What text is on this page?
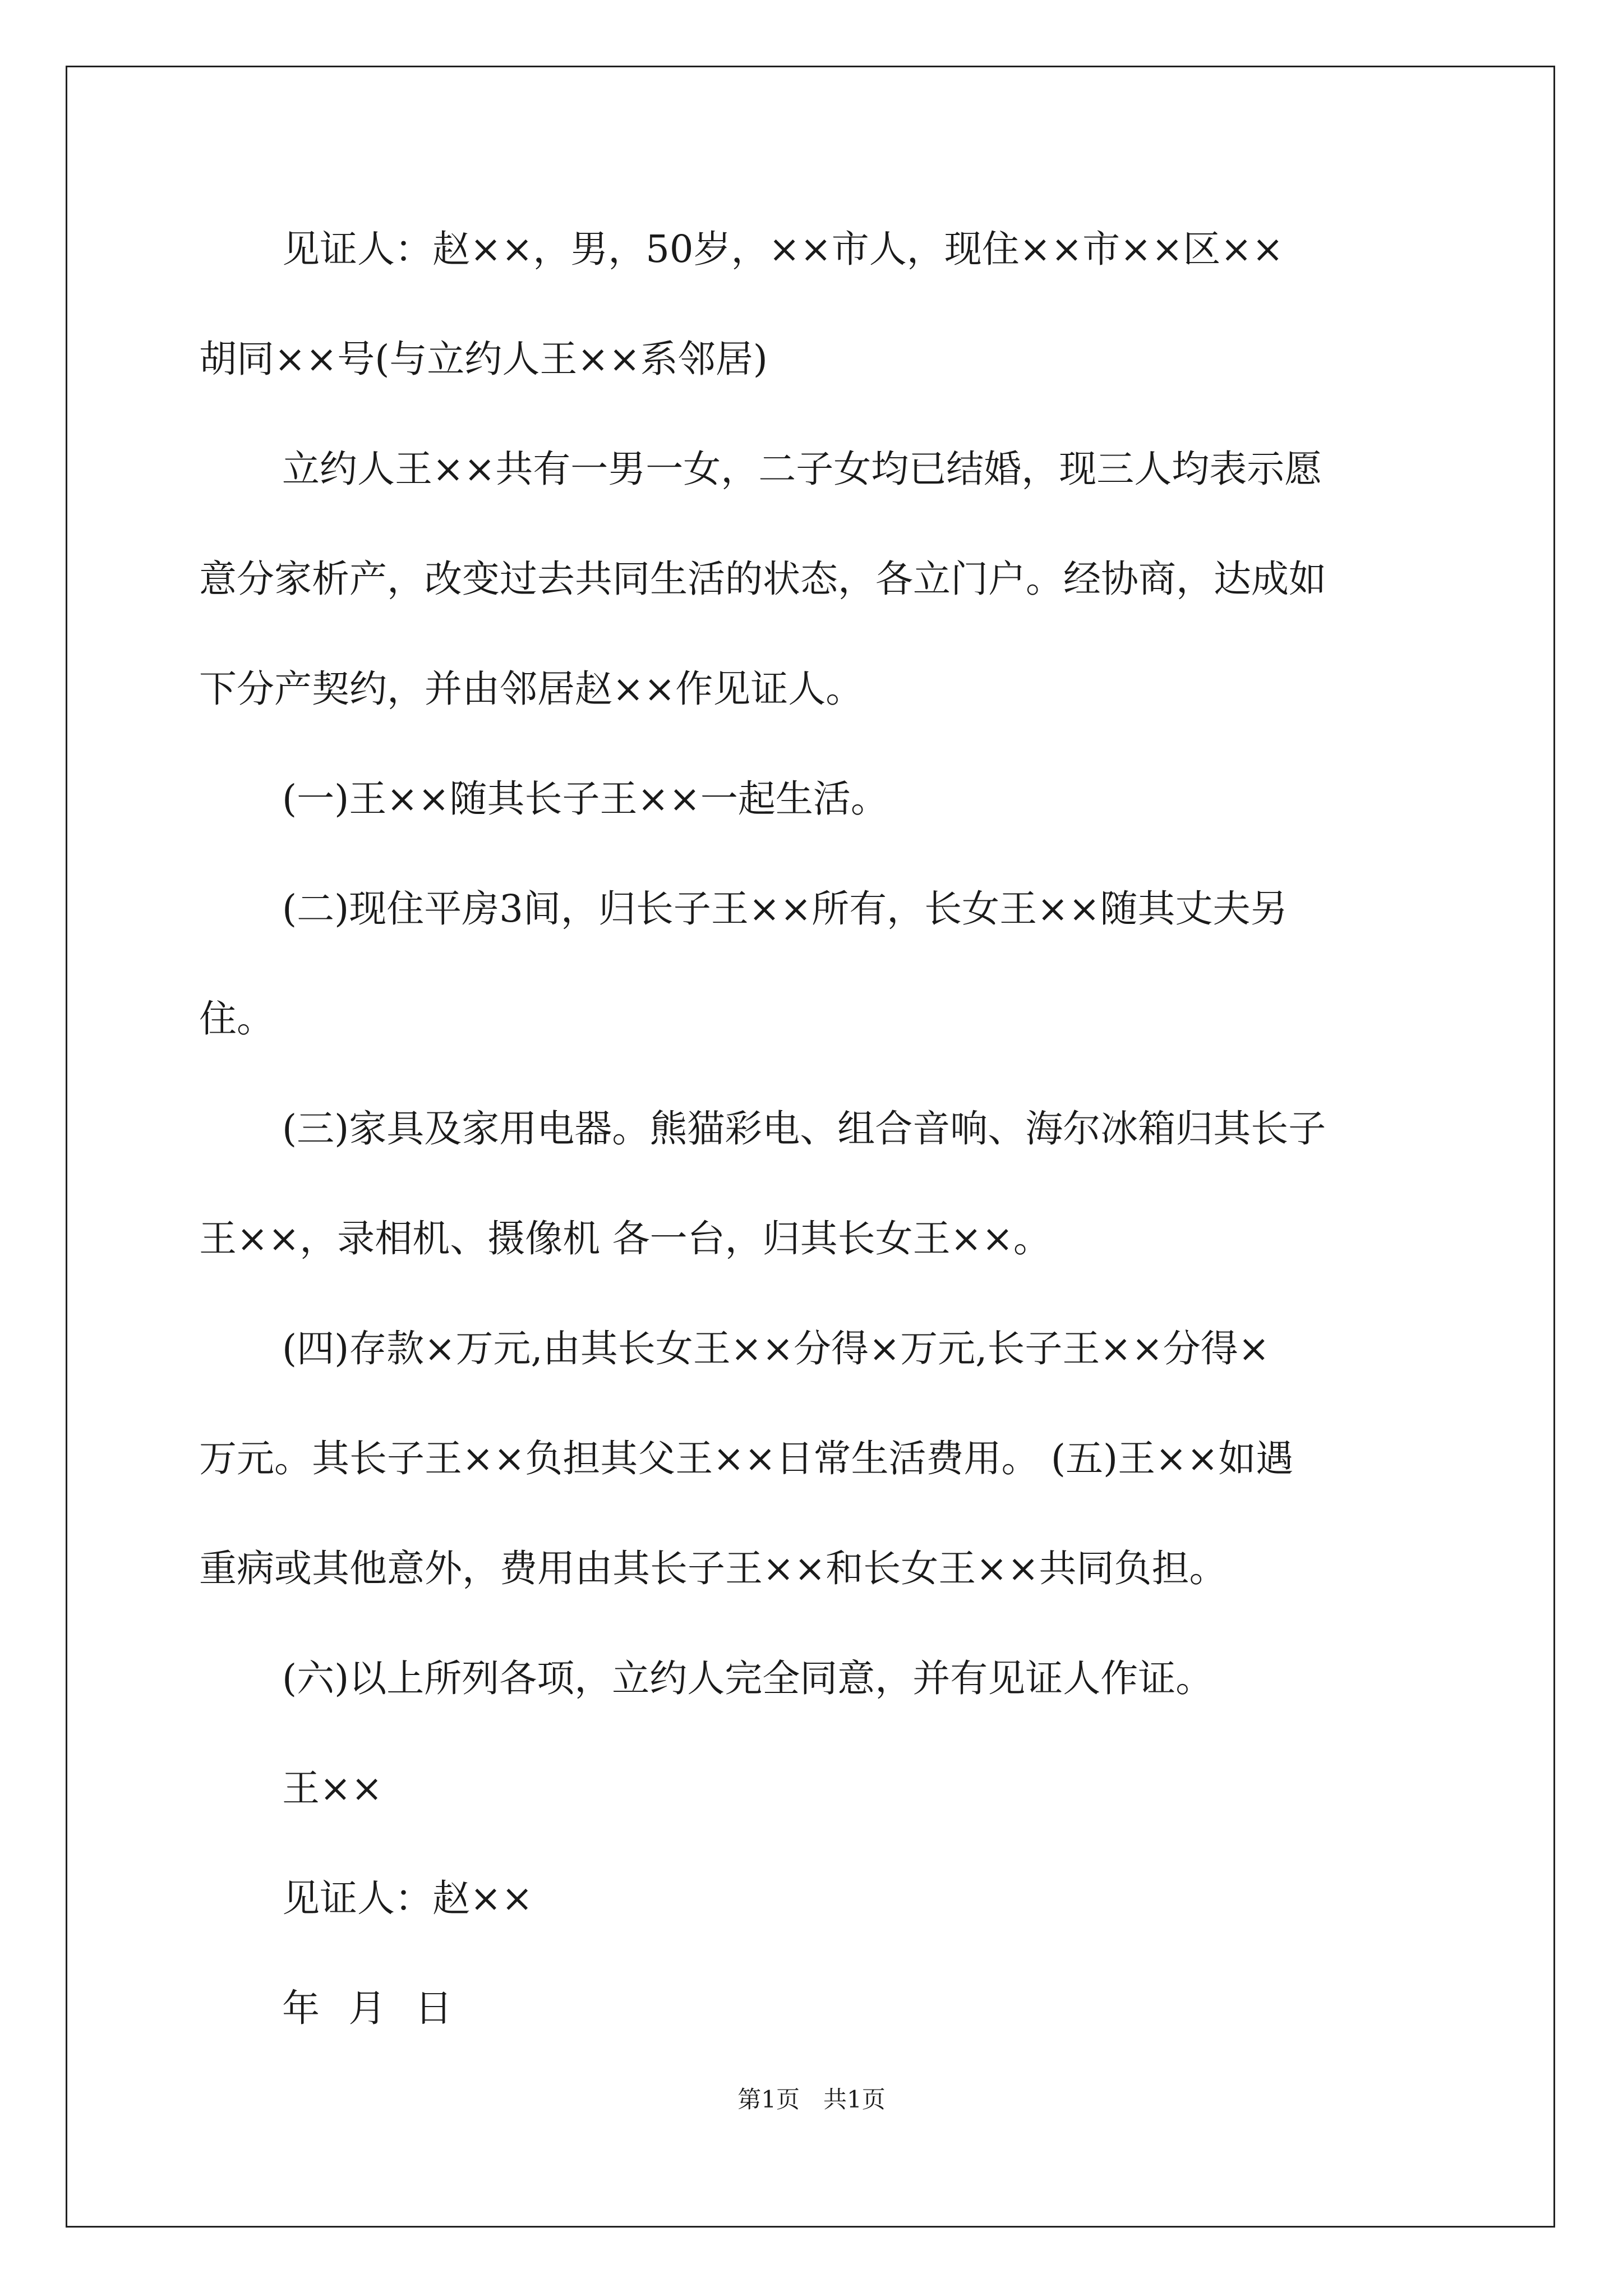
见证人：赵××，男，50岁，××市人，现住××市××区××
胡同××号(与立约人王××系邻居)
立约人王××共有一男一女，二子女均已结婚，现三人均表示愿
意分家析产，改变过去共同生活的状态，各立门户。经协商，达成如
下分产契约，并由邻居赵××作见证人。
(一)王××随其长子王××一起生活。
(二)现住平房3间，归长子王××所有，长女王××随其丈夫另
住。
(三)家具及家用电器。熊猫彩电、组合音响、海尔冰箱归其长子
王××，录相机、摄像机 各一台，归其长女王××。
(四)存款×万元,由其长女王××分得×万元,长子王××分得×
万元。其长子王××负担其父王××日常生活费用。 (五)王××如遇
重病或其他意外，费用由其长子王××和长女王××共同负担。
(六)以上所列各项，立约人完全同意，并有见证人作证。
王××
见证人：赵××
年 月 日
第1页　共1页
